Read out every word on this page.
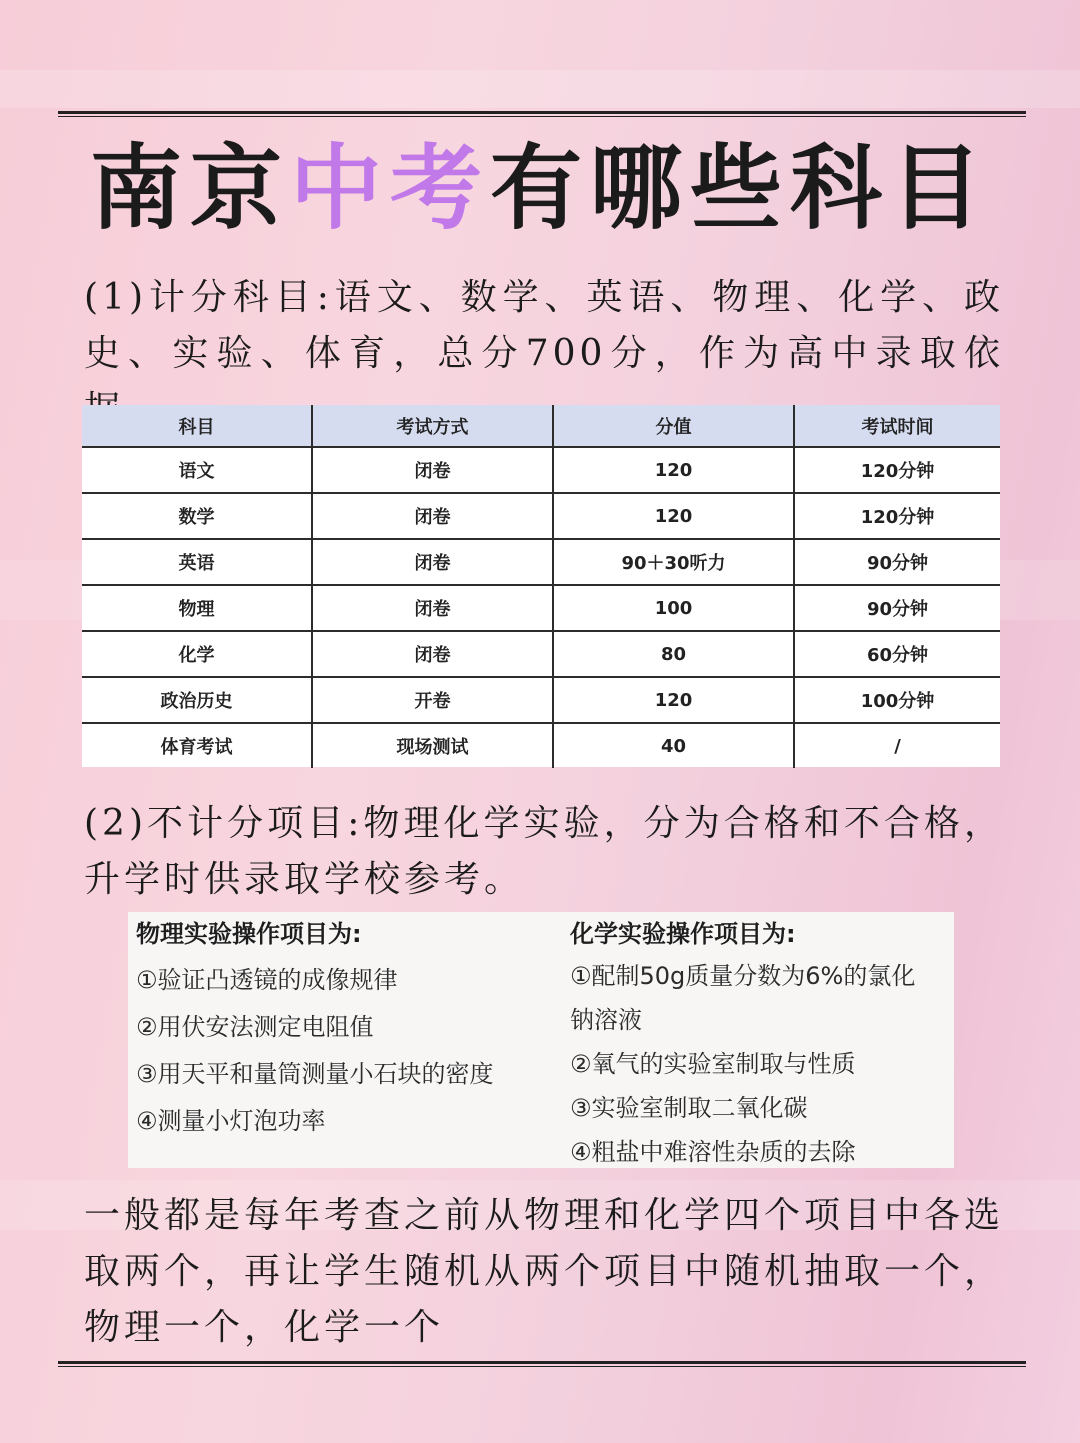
南京中考有哪些科目
(1)计分科目:语文、数学、英语、物理、化学、政史、实验、体育，总分700分，作为高中录取依
科目	考试方式	分值	考试时间
语文	闭卷	120	120分钟
数学	闭卷	120	120分钟
英语	闭卷	90＋30听力	90分钟
物理	闭卷	100	90分钟
化学	闭卷	80	60分钟
政治历史	开卷	120	100分钟
体育考试	现场测试	40	/
(2)不计分项目:物理化学实验，分为合格和不合格，升学时供录取学校参考。
物理实验操作项目为:
①验证凸透镜的成像规律
②用伏安法测定电阻值
③用天平和量筒测量小石块的密度
④测量小灯泡功率
化学实验操作项目为:
①配制50g质量分数为6%的氯化
钠溶液
②氧气的实验室制取与性质
③实验室制取二氧化碳
④粗盐中难溶性杂质的去除
一般都是每年考查之前从物理和化学四个项目中各选取两个，再让学生随机从两个项目中随机抽取一个，物理一个，化学一个
